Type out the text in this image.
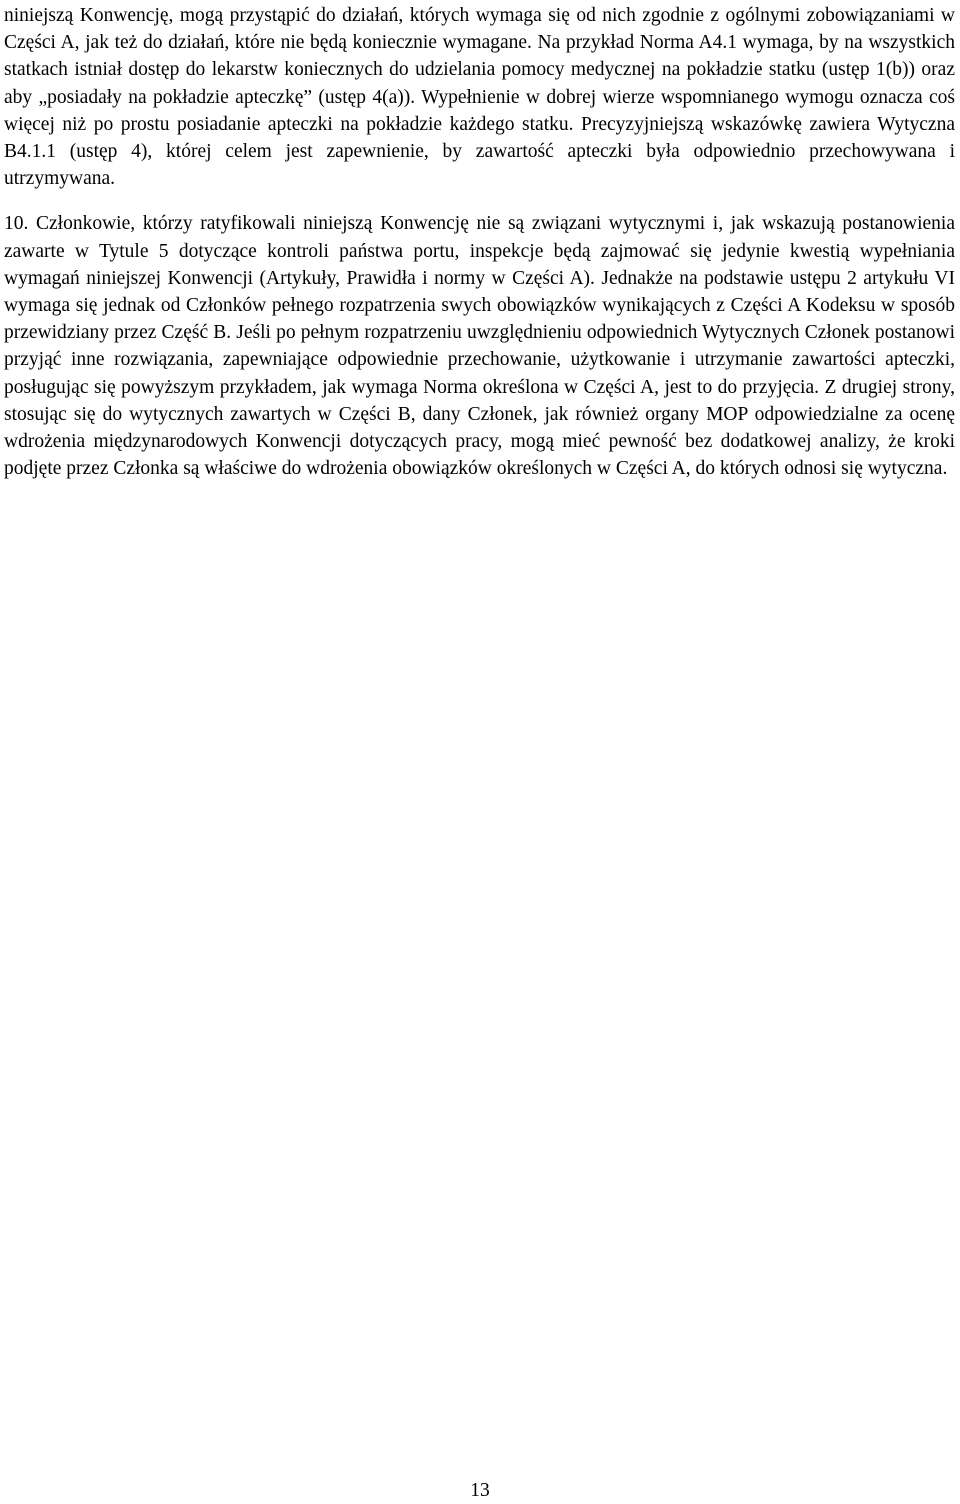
niniejszą Konwencję, mogą przystąpić do działań, których wymaga się od nich zgodnie z ogólnymi zobowiązaniami w Części A, jak też do działań, które nie będą koniecznie wymagane. Na przykład Norma A4.1 wymaga, by na wszystkich statkach istniał dostęp do lekarstw koniecznych do udzielania pomocy medycznej na pokładzie statku (ustęp 1(b)) oraz aby „posiadały na pokładzie apteczkę” (ustęp 4(a)). Wypełnienie w dobrej wierze wspomnianego wymogu oznacza coś więcej niż po prostu posiadanie apteczki na pokładzie każdego statku. Precyzyjniejszą wskazówkę zawiera Wytyczna B4.1.1 (ustęp 4), której celem jest zapewnienie, by zawartość apteczki była odpowiednio przechowywana i utrzymywana.

10. Członkowie, którzy ratyfikowali niniejszą Konwencję nie są związani wytycznymi i, jak wskazują postanowienia zawarte w Tytule 5 dotyczące kontroli państwa portu, inspekcje będą zajmować się jedynie kwestią wypełniania wymagań niniejszej Konwencji (Artykuły, Prawidła i normy w Części A). Jednakże na podstawie ustępu 2 artykułu VI wymaga się jednak od Członków pełnego rozpatrzenia swych obowiązków wynikających z Części A Kodeksu w sposób przewidziany przez Część B. Jeśli po pełnym rozpatrzeniu uwzględnieniu odpowiednich Wytycznych Członek postanowi przyjąć inne rozwiązania, zapewniające odpowiednie przechowanie, użytkowanie i utrzymanie zawartości apteczki, posługując się powyższym przykładem, jak wymaga Norma określona w Części A, jest to do przyjęcia. Z drugiej strony, stosując się do wytycznych zawartych w Części B, dany Członek, jak również organy MOP odpowiedzialne za ocenę wdrożenia międzynarodowych Konwencji dotyczących pracy, mogą mieć pewność bez dodatkowej analizy, że kroki podjęte przez Członka są właściwe do wdrożenia obowiązków określonych w Części A, do których odnosi się wytyczna.

13
